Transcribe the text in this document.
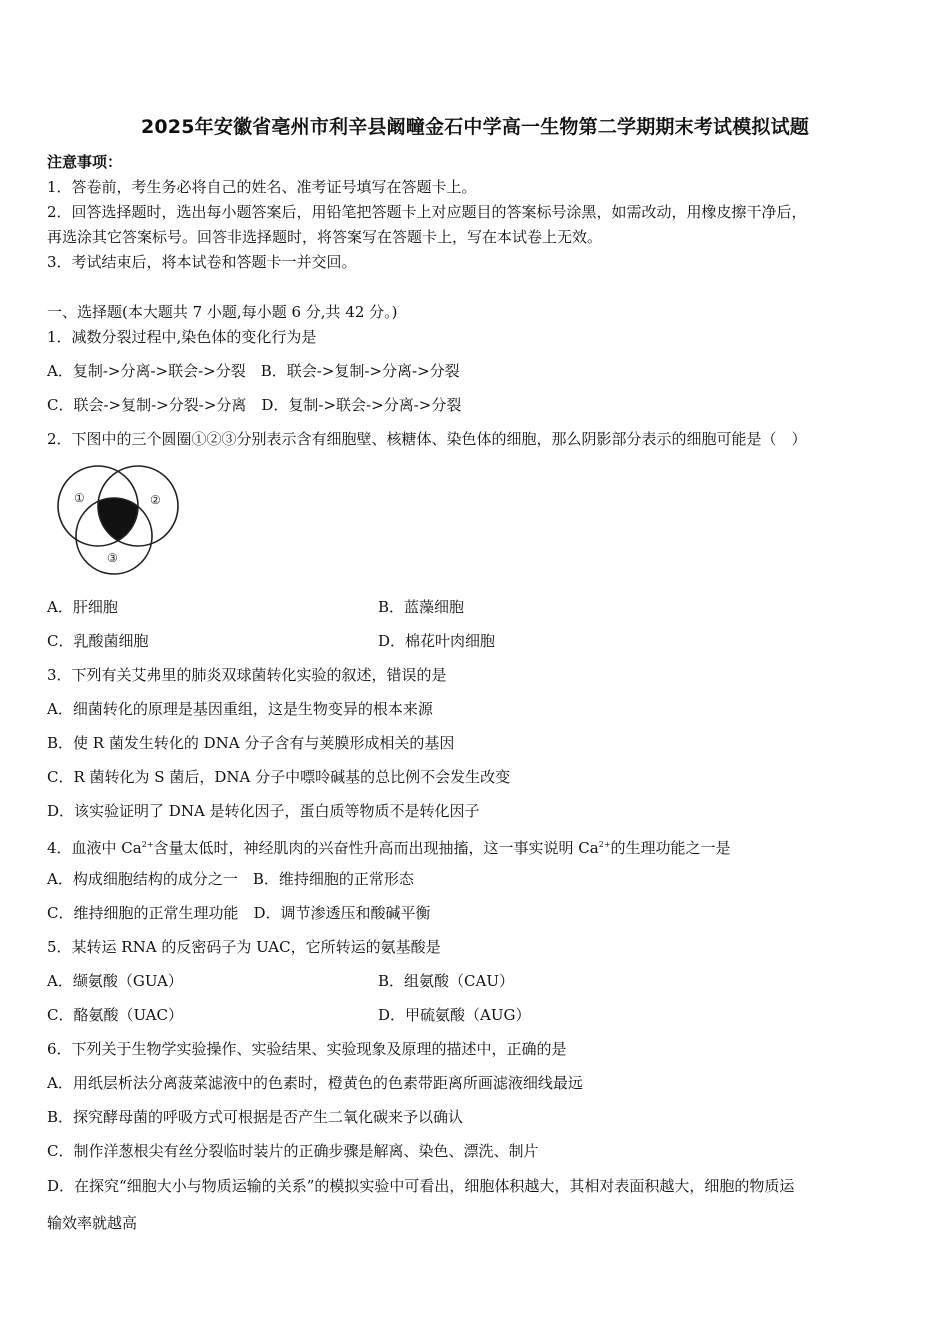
2025年安徽省亳州市利辛县阚疃金石中学高一生物第二学期期末考试模拟试题
注意事项：
1．答卷前，考生务必将自己的姓名、准考证号填写在答题卡上。
2．回答选择题时，选出每小题答案后，用铅笔把答题卡上对应题目的答案标号涂黑，如需改动，用橡皮擦干净后，
再选涂其它答案标号。回答非选择题时，将答案写在答题卡上，写在本试卷上无效。
3．考试结束后，将本试卷和答题卡一并交回。
一、选择题(本大题共 7 小题,每小题 6 分,共 42 分。)
1．减数分裂过程中,染色体的变化行为是
A．复制->分离->联会->分裂　B．联会->复制->分离->分裂
C．联会->复制->分裂->分离　D．复制->联会->分离->分裂
2．下图中的三个圆圈①②③分别表示含有细胞壁、核糖体、染色体的细胞，那么阴影部分表示的细胞可能是（　）
①	②
③
A．肝细胞	B．蓝藻细胞
C．乳酸菌细胞	D．棉花叶肉细胞
3．下列有关艾弗里的肺炎双球菌转化实验的叙述，错误的是
A．细菌转化的原理是基因重组，这是生物变异的根本来源
B．使 R 菌发生转化的 DNA 分子含有与荚膜形成相关的基因
C．R 菌转化为 S 菌后，DNA 分子中嘌呤碱基的总比例不会发生改变
D．该实验证明了 DNA 是转化因子，蛋白质等物质不是转化因子
4．血液中 $Ca^{2+}$含量太低时，神经肌肉的兴奋性升高而出现抽搐，这一事实说明 $Ca^{2+}$的生理功能之一是
A．构成细胞结构的成分之一　B．维持细胞的正常形态
C．维持细胞的正常生理功能　D．调节渗透压和酸碱平衡
5．某转运 RNA 的反密码子为 UAC，它所转运的氨基酸是
A．缬氨酸（GUA）	B．组氨酸（CAU）
C．酪氨酸（UAC）	D．甲硫氨酸（AUG）
6．下列关于生物学实验操作、实验结果、实验现象及原理的描述中，正确的是
A．用纸层析法分离菠菜滤液中的色素时，橙黄色的色素带距离所画滤液细线最远
B．探究酵母菌的呼吸方式可根据是否产生二氧化碳来予以确认
C．制作洋葱根尖有丝分裂临时装片的正确步骤是解离、染色、漂洗、制片
D．在探究“细胞大小与物质运输的关系”的模拟实验中可看出，细胞体积越大，其相对表面积越大，细胞的物质运
输效率就越高
